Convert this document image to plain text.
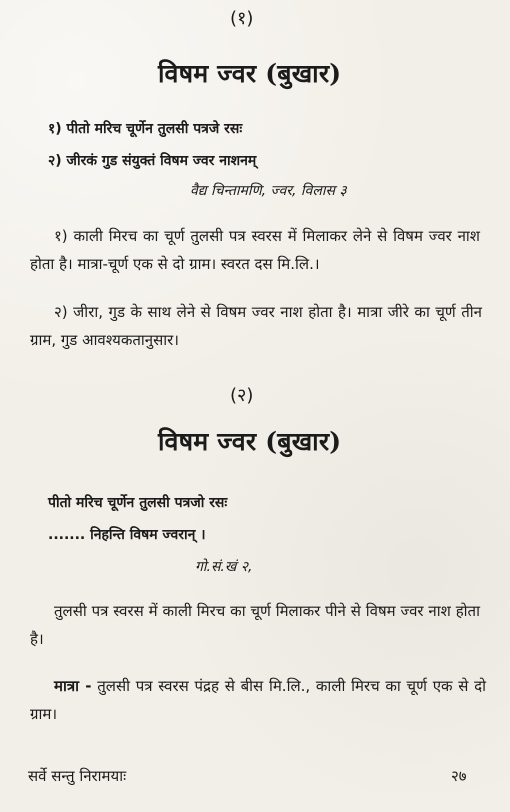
(१)
विषम ज्वर (बुखार)
१) पीतो मरिच चूर्णेन तुलसी पत्रजे रसः
२) जीरकं गुड संयुक्तं विषम ज्वर नाशनम्
वैद्य चिन्तामणि, ज्वर, विलास ३
१) काली मिरच का चूर्ण तुलसी पत्र स्वरस में मिलाकर लेने से विषम ज्वर नाश होता है। मात्रा-चूर्ण एक से दो ग्राम। स्वरत दस मि.लि.।
२) जीरा, गुड के साथ लेने से विषम ज्वर नाश होता है। मात्रा जीरे का चूर्ण तीन ग्राम, गुड आवश्यकतानुसार।
(२)
विषम ज्वर (बुखार)
पीतो मरिच चूर्णेन तुलसी पत्रजो रसः
....... निहन्ति विषम ज्वरान् ।
गो.सं.खं २,
तुलसी पत्र स्वरस में काली मिरच का चूर्ण मिलाकर पीने से विषम ज्वर नाश होता है।
मात्रा - तुलसी पत्र स्वरस पंद्रह से बीस मि.लि., काली मिरच का चूर्ण एक से दो ग्राम।
सर्वे सन्तु निरामयाः	२७
